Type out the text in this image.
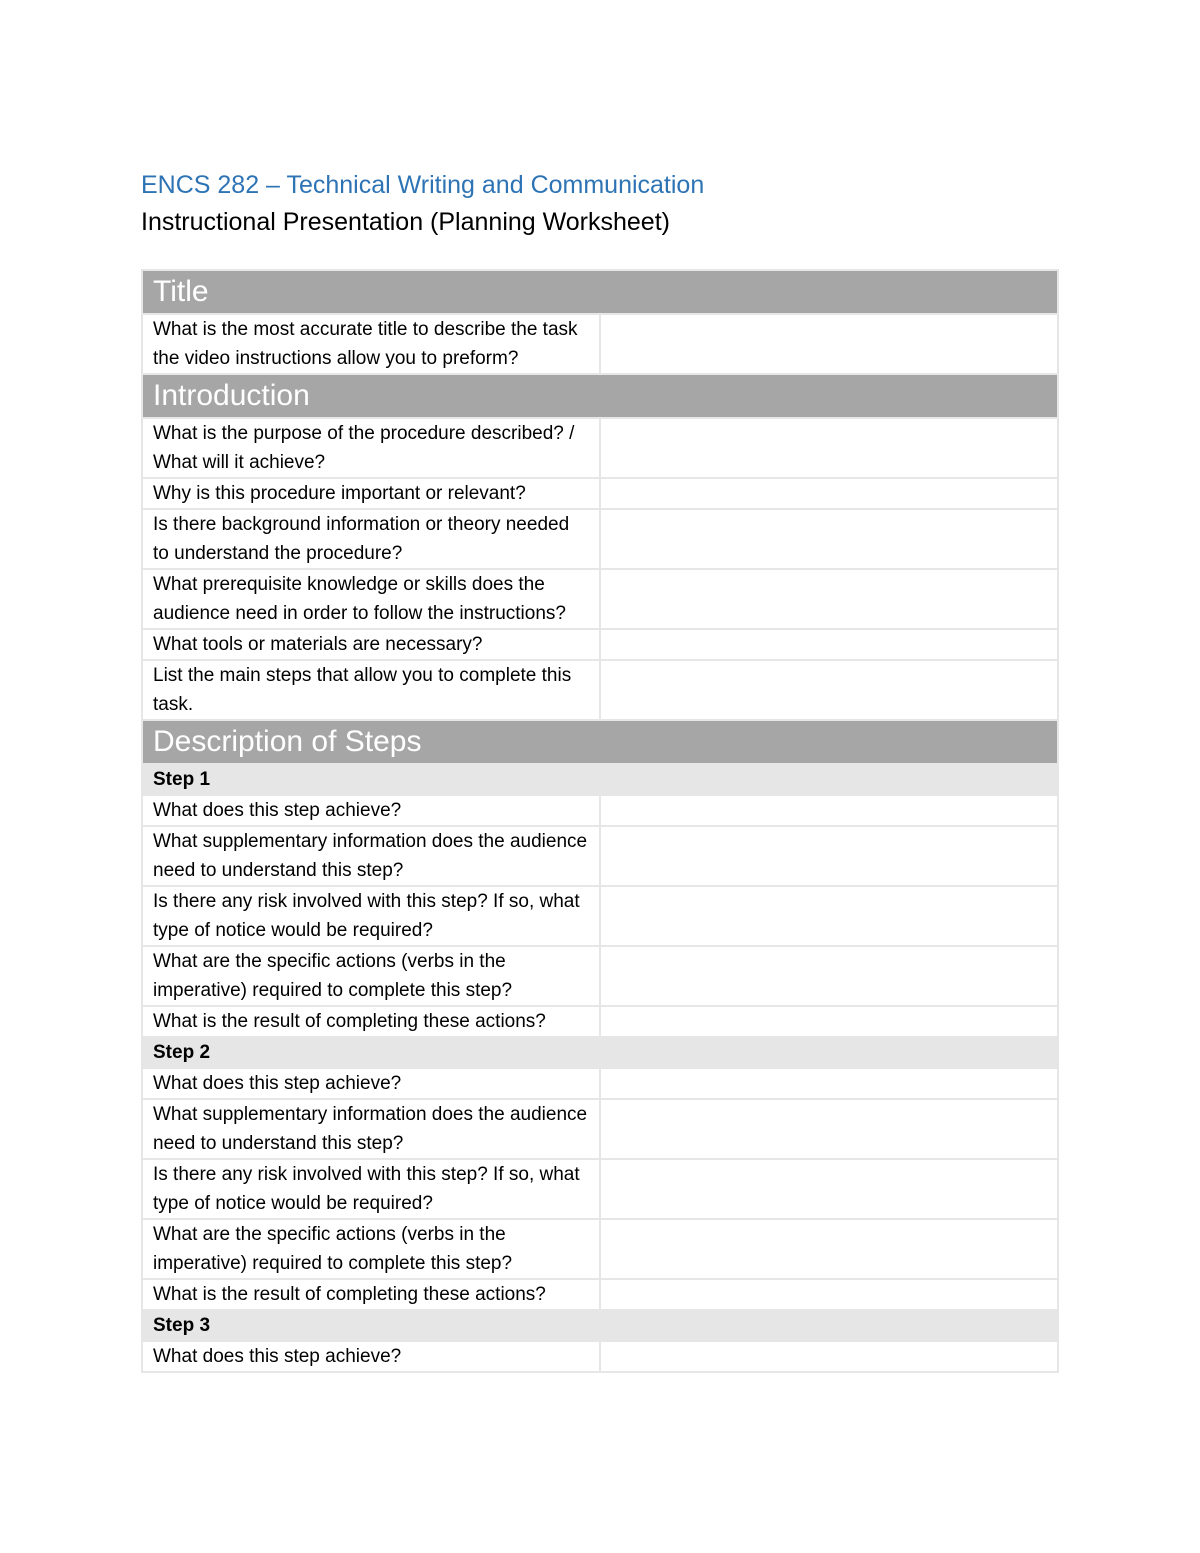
ENCS 282 – Technical Writing and Communication
Instructional Presentation (Planning Worksheet)
Title	
What is the most accurate title to describe the task the video instructions allow you to preform?	
Introduction	
What is the purpose of the procedure described? / What will it achieve?	
Why is this procedure important or relevant?	
Is there background information or theory needed to understand the procedure?	
What prerequisite knowledge or skills does the audience need in order to follow the instructions?	
What tools or materials are necessary?	
List the main steps that allow you to complete this task.	
Description of Steps	
Step 1	
What does this step achieve?	
What supplementary information does the audience need to understand this step?	
Is there any risk involved with this step? If so, what type of notice would be required?	
What are the specific actions (verbs in the imperative) required to complete this step?	
What is the result of completing these actions?	
Step 2	
What does this step achieve?	
What supplementary information does the audience need to understand this step?	
Is there any risk involved with this step? If so, what type of notice would be required?	
What are the specific actions (verbs in the imperative) required to complete this step?	
What is the result of completing these actions?	
Step 3	
What does this step achieve?	
